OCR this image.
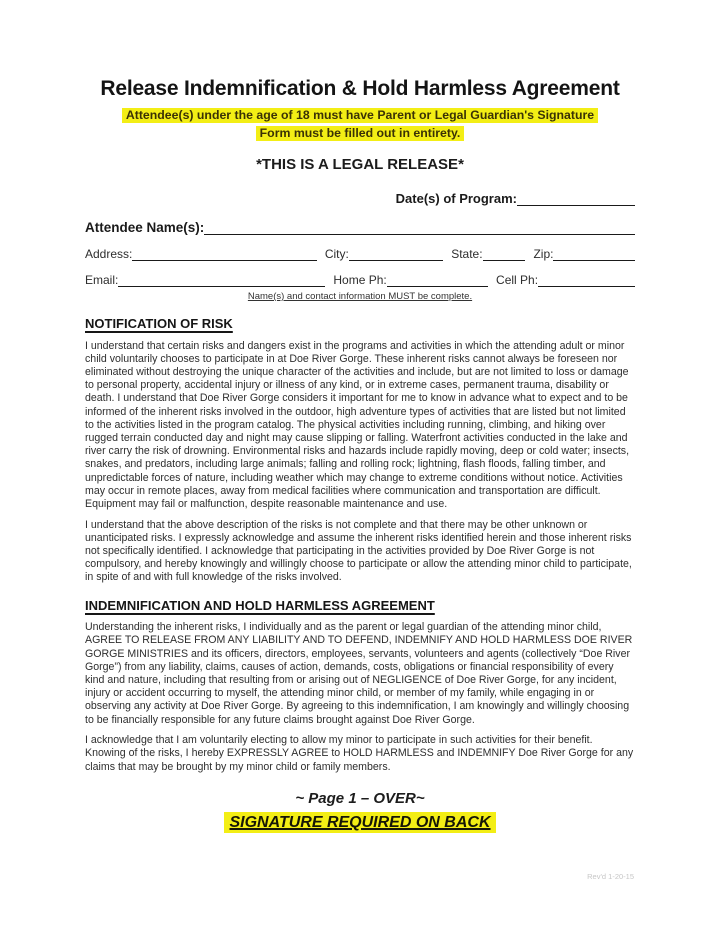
Release Indemnification & Hold Harmless Agreement
Attendee(s) under the age of 18 must have Parent or Legal Guardian's Signature
Form must be filled out in entirety.
*THIS IS A LEGAL RELEASE*
Date(s) of Program:
Attendee Name(s):
Address:	City:	State:	Zip:
Email:	Home Ph:	Cell Ph:
Name(s) and contact information MUST be complete.
NOTIFICATION OF RISK
I understand that certain risks and dangers exist in the programs and activities in which the attending adult or minor child voluntarily chooses to participate in at Doe River Gorge. These inherent risks cannot always be foreseen nor eliminated without destroying the unique character of the activities and include, but are not limited to loss or damage to personal property, accidental injury or illness of any kind, or in extreme cases, permanent trauma, disability or death. I understand that Doe River Gorge considers it important for me to know in advance what to expect and to be informed of the inherent risks involved in the outdoor, high adventure types of activities that are listed but not limited to the activities listed in the program catalog. The physical activities including running, climbing, and hiking over rugged terrain conducted day and night may cause slipping or falling. Waterfront activities conducted in the lake and river carry the risk of drowning. Environmental risks and hazards include rapidly moving, deep or cold water; insects, snakes, and predators, including large animals; falling and rolling rock; lightning, flash floods, falling timber, and unpredictable forces of nature, including weather which may change to extreme conditions without notice. Activities may occur in remote places, away from medical facilities where communication and transportation are difficult. Equipment may fail or malfunction, despite reasonable maintenance and use.
I understand that the above description of the risks is not complete and that there may be other unknown or unanticipated risks. I expressly acknowledge and assume the inherent risks identified herein and those inherent risks not specifically identified. I acknowledge that participating in the activities provided by Doe River Gorge is not compulsory, and hereby knowingly and willingly choose to participate or allow the attending minor child to participate, in spite of and with full knowledge of the risks involved.
INDEMNIFICATION AND HOLD HARMLESS AGREEMENT
Understanding the inherent risks, I individually and as the parent or legal guardian of the attending minor child, AGREE TO RELEASE FROM ANY LIABILITY AND TO DEFEND, INDEMNIFY AND HOLD HARMLESS DOE RIVER GORGE MINISTRIES and its officers, directors, employees, servants, volunteers and agents (collectively “Doe River Gorge”) from any liability, claims, causes of action, demands, costs, obligations or financial responsibility of every kind and nature, including that resulting from or arising out of NEGLIGENCE of Doe River Gorge, for any incident, injury or accident occurring to myself, the attending minor child, or member of my family, while engaging in or observing any activity at Doe River Gorge. By agreeing to this indemnification, I am knowingly and willingly choosing to be financially responsible for any future claims brought against Doe River Gorge.
I acknowledge that I am voluntarily electing to allow my minor to participate in such activities for their benefit. Knowing of the risks, I hereby EXPRESSLY AGREE to HOLD HARMLESS and INDEMNIFY Doe River Gorge for any claims that may be brought by my minor child or family members.
~ Page 1 – OVER~
SIGNATURE REQUIRED ON BACK
Rev'd 1-20-15
